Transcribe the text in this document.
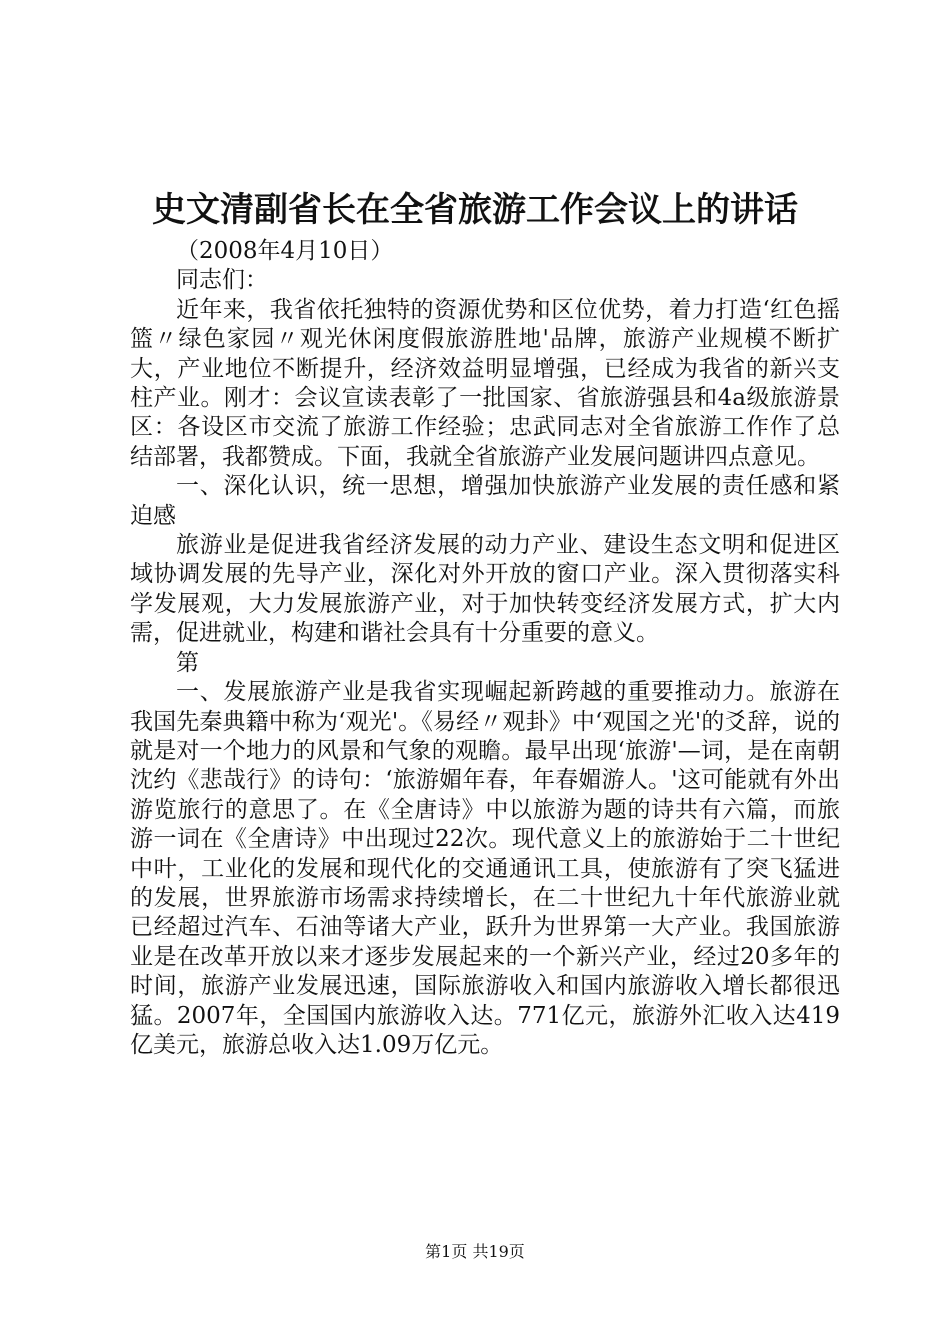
史文清副省长在全省旅游工作会议上的讲话

（2008年4月10日）

同志们：

近年来，我省依托独特的资源优势和区位优势，着力打造‘红色摇篮〃绿色家园〃观光休闲度假旅游胜地'品牌，旅游产业规模不断扩大，产业地位不断提升，经济效益明显增强，已经成为我省的新兴支柱产业。刚才：会议宣读表彰了一批国家、省旅游强县和4a级旅游景区：各设区市交流了旅游工作经验；忠武同志对全省旅游工作作了总结部署，我都赞成。下面，我就全省旅游产业发展问题讲四点意见。

一、深化认识，统一思想，增强加快旅游产业发展的责任感和紧迫感

旅游业是促进我省经济发展的动力产业、建设生态文明和促进区域协调发展的先导产业，深化对外开放的窗口产业。深入贯彻落实科学发展观，大力发展旅游产业，对于加快转变经济发展方式，扩大内需，促进就业，构建和谐社会具有十分重要的意义。

第

一、发展旅游产业是我省实现崛起新跨越的重要推动力。旅游在我国先秦典籍中称为‘观光'。《易经〃观卦》中‘观国之光'的爻辞，说的就是对一个地力的风景和气象的观瞻。最早出现‘旅游'—词，是在南朝沈约《悲哉行》的诗句：‘旅游媚年春，年春媚游人。'这可能就有外出游览旅行的意思了。在《全唐诗》中以旅游为题的诗共有六篇，而旅游一词在《全唐诗》中出现过22次。现代意义上的旅游始于二十世纪中叶，工业化的发展和现代化的交通通讯工具，使旅游有了突飞猛进的发展，世界旅游市场需求持续增长，在二十世纪九十年代旅游业就已经超过汽车、石油等诸大产业，跃升为世界第一大产业。我国旅游业是在改革开放以来才逐步发展起来的一个新兴产业，经过20多年的时间，旅游产业发展迅速，国际旅游收入和国内旅游收入增长都很迅猛。2007年，全国国内旅游收入达。771亿元，旅游外汇收入达419亿美元，旅游总收入达1.09万亿元。

第1页 共19页
